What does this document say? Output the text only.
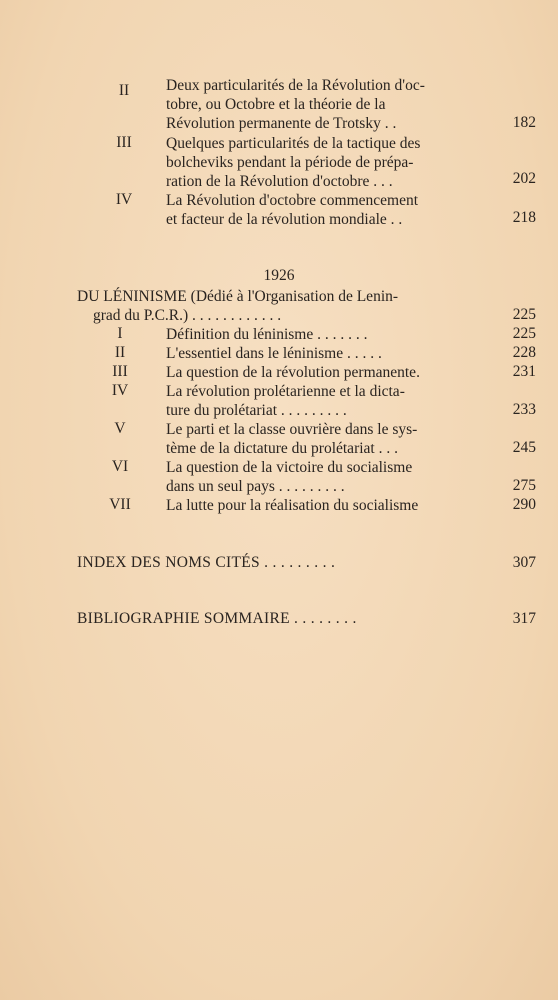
II	Deux particularités de la Révolution d'oc-
tobre, ou Octobre et la théorie de la
Révolution permanente de Trotsky . .	182
III	Quelques particularités de la tactique des
bolcheviks pendant la période de prépa-
ration de la Révolution d'octobre . . .	202
IV	La Révolution d'octobre commencement
et facteur de la révolution mondiale . .	218
1926
DU LÉNINISME (Dédié à l'Organisation de Lenin-
grad du P.C.R.) . . . . . . . . . . . .	225
I	Définition du léninisme . . . . . . .	225
II	L'essentiel dans le léninisme . . . . .	228
III	La question de la révolution permanente.	231
IV	La révolution prolétarienne et la dicta-
ture du prolétariat . . . . . . . . .	233
V	Le parti et la classe ouvrière dans le sys-
tème de la dictature du prolétariat . . .	245
VI	La question de la victoire du socialisme
dans un seul pays . . . . . . . . .	275
VII	La lutte pour la réalisation du socialisme	290
INDEX DES NOMS CITÉS . . . . . . . . .	307
BIBLIOGRAPHIE SOMMAIRE . . . . . . . .	317
